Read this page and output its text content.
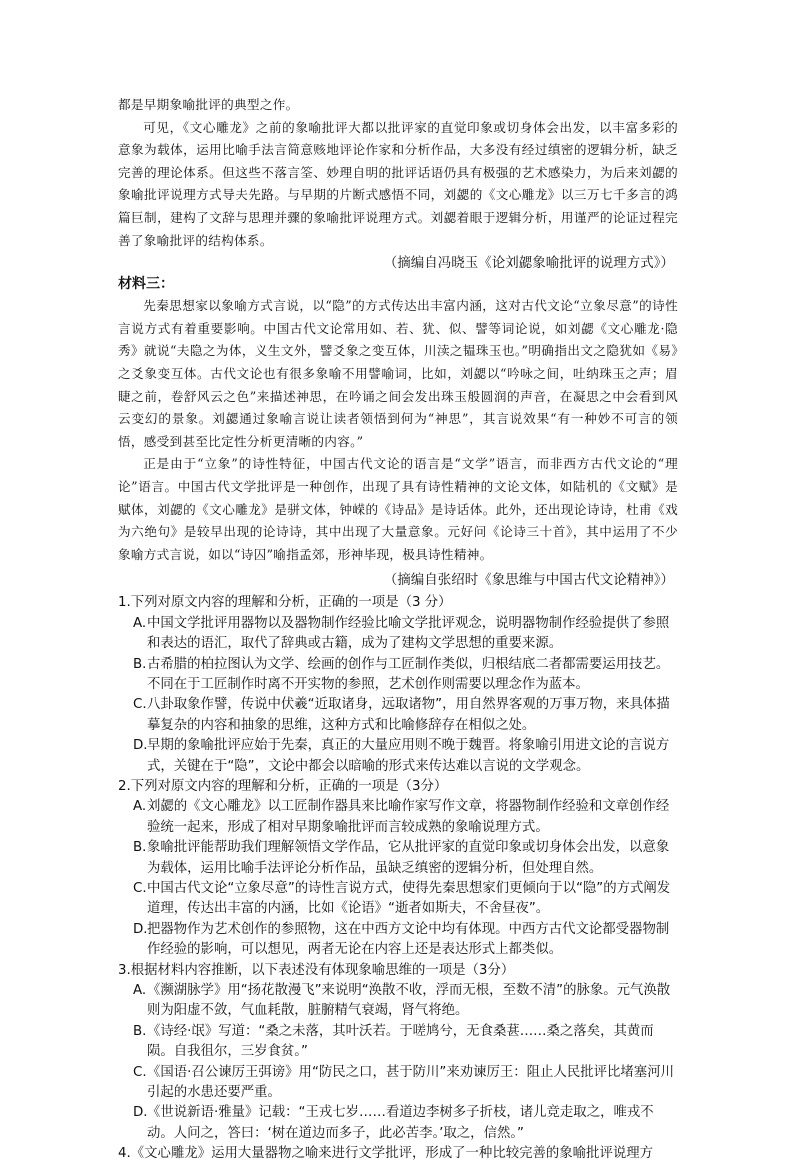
都是早期象喻批评的典型之作。

可见，《文心雕龙》之前的象喻批评大都以批评家的直觉印象或切身体会出发，以丰富多彩的意象为载体，运用比喻手法言简意赅地评论作家和分析作品，大多没有经过缜密的逻辑分析，缺乏完善的理论体系。但这些不落言筌、妙理自明的批评话语仍具有极强的艺术感染力，为后来刘勰的象喻批评说理方式导夫先路。与早期的片断式感悟不同，刘勰的《文心雕龙》以三万七千多言的鸿篇巨制，建构了文辞与思理并骤的象喻批评说理方式。刘勰着眼于逻辑分析，用谨严的论证过程完善了象喻批评的结构体系。

（摘编自冯晓玉《论刘勰象喻批评的说理方式》）

材料三：

先秦思想家以象喻方式言说，以“隐”的方式传达出丰富内涵，这对古代文论“立象尽意”的诗性言说方式有着重要影响。中国古代文论常用如、若、犹、似、譬等词论说，如刘勰《文心雕龙·隐秀》就说“夫隐之为体，义生文外，譬爻象之变互体，川渎之韫珠玉也。”明确指出文之隐犹如《易》之爻象变互体。古代文论也有很多象喻不用譬喻词，比如，刘勰以“吟咏之间，吐纳珠玉之声；眉睫之前，卷舒风云之色”来描述神思，在吟诵之间会发出珠玉般圆润的声音，在凝思之中会看到风云变幻的景象。刘勰通过象喻言说让读者领悟到何为“神思”，其言说效果“有一种妙不可言的领悟，感受到甚至比定性分析更清晰的内容。”

正是由于“立象”的诗性特征，中国古代文论的语言是“文学”语言，而非西方古代文论的“理论”语言。中国古代文学批评是一种创作，出现了具有诗性精神的文论文体，如陆机的《文赋》是赋体，刘勰的《文心雕龙》是骈文体，钟嵘的《诗品》是诗话体。此外，还出现论诗诗，杜甫《戏为六绝句》是较早出现的论诗诗，其中出现了大量意象。元好问《论诗三十首》，其中运用了不少象喻方式言说，如以“诗囚”喻指孟郊，形神毕现，极具诗性精神。

（摘编自张绍时《象思维与中国古代文论精神》）

1.下列对原文内容的理解和分析，正确的一项是（3 分）

A. 中国文学批评用器物以及器物制作经验比喻文学批评观念，说明器物制作经验提供了参照和表达的语汇，取代了辞典或古籍，成为了建构文学思想的重要来源。
B. 古希腊的柏拉图认为文学、绘画的创作与工匠制作类似，归根结底二者都需要运用技艺。不同在于工匠制作时离不开实物的参照，艺术创作则需要以理念作为蓝本。
C. 八卦取象作譬，传说中伏羲“近取诸身，远取诸物”，用自然界客观的万事万物，来具体描摹复杂的内容和抽象的思维，这种方式和比喻修辞存在相似之处。
D. 早期的象喻批评应始于先秦，真正的大量应用则不晚于魏晋。将象喻引用进文论的言说方式，关键在于“隐”，文论中都会以暗喻的形式来传达难以言说的文学观念。

2.下列对原文内容的理解和分析，正确的一项是（3分）

A. 刘勰的《文心雕龙》以工匠制作器具来比喻作家写作文章，将器物制作经验和文章创作经验统一起来，形成了相对早期象喻批评而言较成熟的象喻说理方式。
B. 象喻批评能帮助我们理解领悟文学作品，它从批评家的直觉印象或切身体会出发，以意象为载体，运用比喻手法评论分析作品，虽缺乏缜密的逻辑分析，但处理自然。
C. 中国古代文论“立象尽意”的诗性言说方式，使得先秦思想家们更倾向于以“隐”的方式阐发道理，传达出丰富的内涵，比如《论语》“逝者如斯夫，不舍昼夜”。
D. 把器物作为艺术创作的参照物，这在中西方文论中均有体现。中西方古代文论都受器物制作经验的影响，可以想见，两者无论在内容上还是表达形式上都类似。

3.根据材料内容推断，以下表述没有体现象喻思维的一项是（3分）

A. 《濒湖脉学》用“扬花散漫飞”来说明“涣散不收，浮而无根，至数不清”的脉象。元气涣散则为阳虚不敛，气血耗散，脏腑精气衰竭，肾气将绝。
B. 《诗经·氓》写道：“桑之未落，其叶沃若。于嗟鸠兮，无食桑葚……桑之落矣，其黄而陨。自我徂尔，三岁食贫。”
C. 《国语·召公谏厉王弭谤》用“防民之口，甚于防川”来劝谏厉王：阻止人民批评比堵塞河川引起的水患还要严重。
D. 《世说新语·雅量》记载：“王戎七岁……看道边李树多子折枝，诸儿竞走取之，唯戎不动。人问之，答曰：‘树在道边而多子，此必苦李。’取之，信然。”

4.《文心雕龙》运用大量器物之喻来进行文学批评，形成了一种比较完善的象喻批评说理方
